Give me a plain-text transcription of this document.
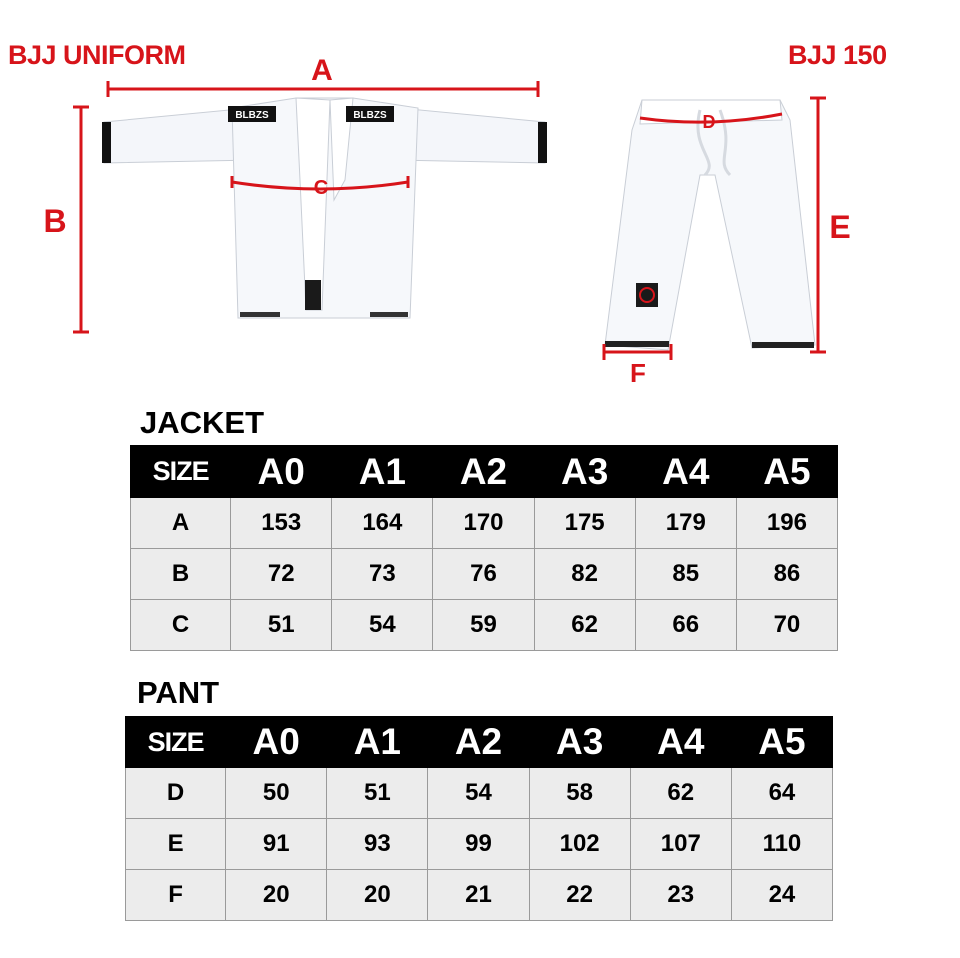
BJJ UNIFORM	BJJ 150
BLBZS	BLBZS
A
B
C
D
E
F
JACKET
SIZE	A0	A1	A2	A3	A4	A5
A	153	164	170	175	179	196
B	72	73	76	82	85	86
C	51	54	59	62	66	70
PANT
SIZE	A0	A1	A2	A3	A4	A5
D	50	51	54	58	62	64
E	91	93	99	102	107	110
F	20	20	21	22	23	24
